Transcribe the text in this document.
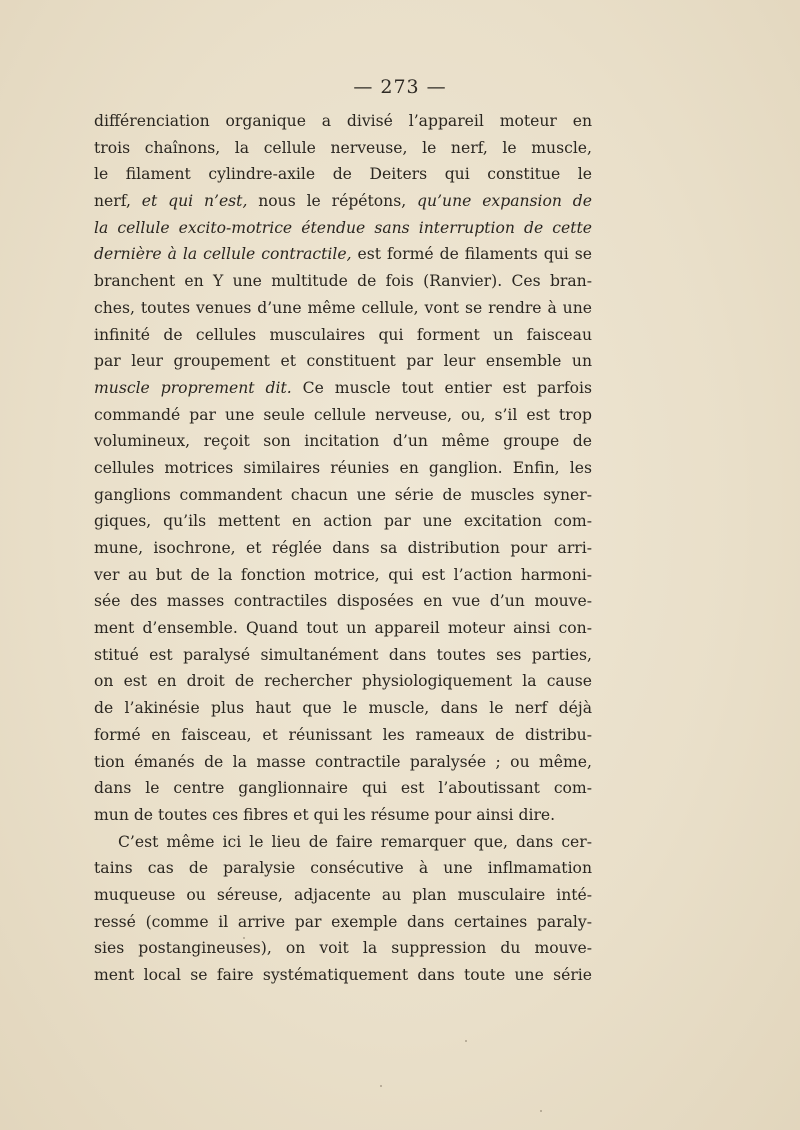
— 273 —
différenciation organique a divisé l’appareil moteur en
trois chaînons, la cellule nerveuse, le nerf, le muscle,
le filament cylindre-axile de Deiters qui constitue le
nerf, et qui n’est, nous le répétons, qu’une expansion de
la cellule excito-motrice étendue sans interruption de cette
dernière à la cellule contractile, est formé de filaments qui se
branchent en Y une multitude de fois (Ranvier). Ces bran-
ches, toutes venues d’une même cellule, vont se rendre à une
infinité de cellules musculaires qui forment un faisceau
par leur groupement et constituent par leur ensemble un
muscle proprement dit. Ce muscle tout entier est parfois
commandé par une seule cellule nerveuse, ou, s’il est trop
volumineux, reçoit son incitation d’un même groupe de
cellules motrices similaires réunies en ganglion. Enfin, les
ganglions commandent chacun une série de muscles syner-
giques, qu’ils mettent en action par une excitation com-
mune, isochrone, et réglée dans sa distribution pour arri-
ver au but de la fonction motrice, qui est l’action harmoni-
sée des masses contractiles disposées en vue d’un mouve-
ment d’ensemble. Quand tout un appareil moteur ainsi con-
stitué est paralysé simultanément dans toutes ses parties,
on est en droit de rechercher physiologiquement la cause
de l’akinésie plus haut que le muscle, dans le nerf déjà
formé en faisceau, et réunissant les rameaux de distribu-
tion émanés de la masse contractile paralysée ; ou même,
dans le centre ganglionnaire qui est l’aboutissant com-
mun de toutes ces fibres et qui les résume pour ainsi dire.
C’est même ici le lieu de faire remarquer que, dans cer-
tains cas de paralysie consécutive à une inflmamation
muqueuse ou séreuse, adjacente au plan musculaire inté-
ressé (comme il arrive par exemple dans certaines paraly-
sies postangineuses), on voit la suppression du mouve-
ment local se faire systématiquement dans toute une série
